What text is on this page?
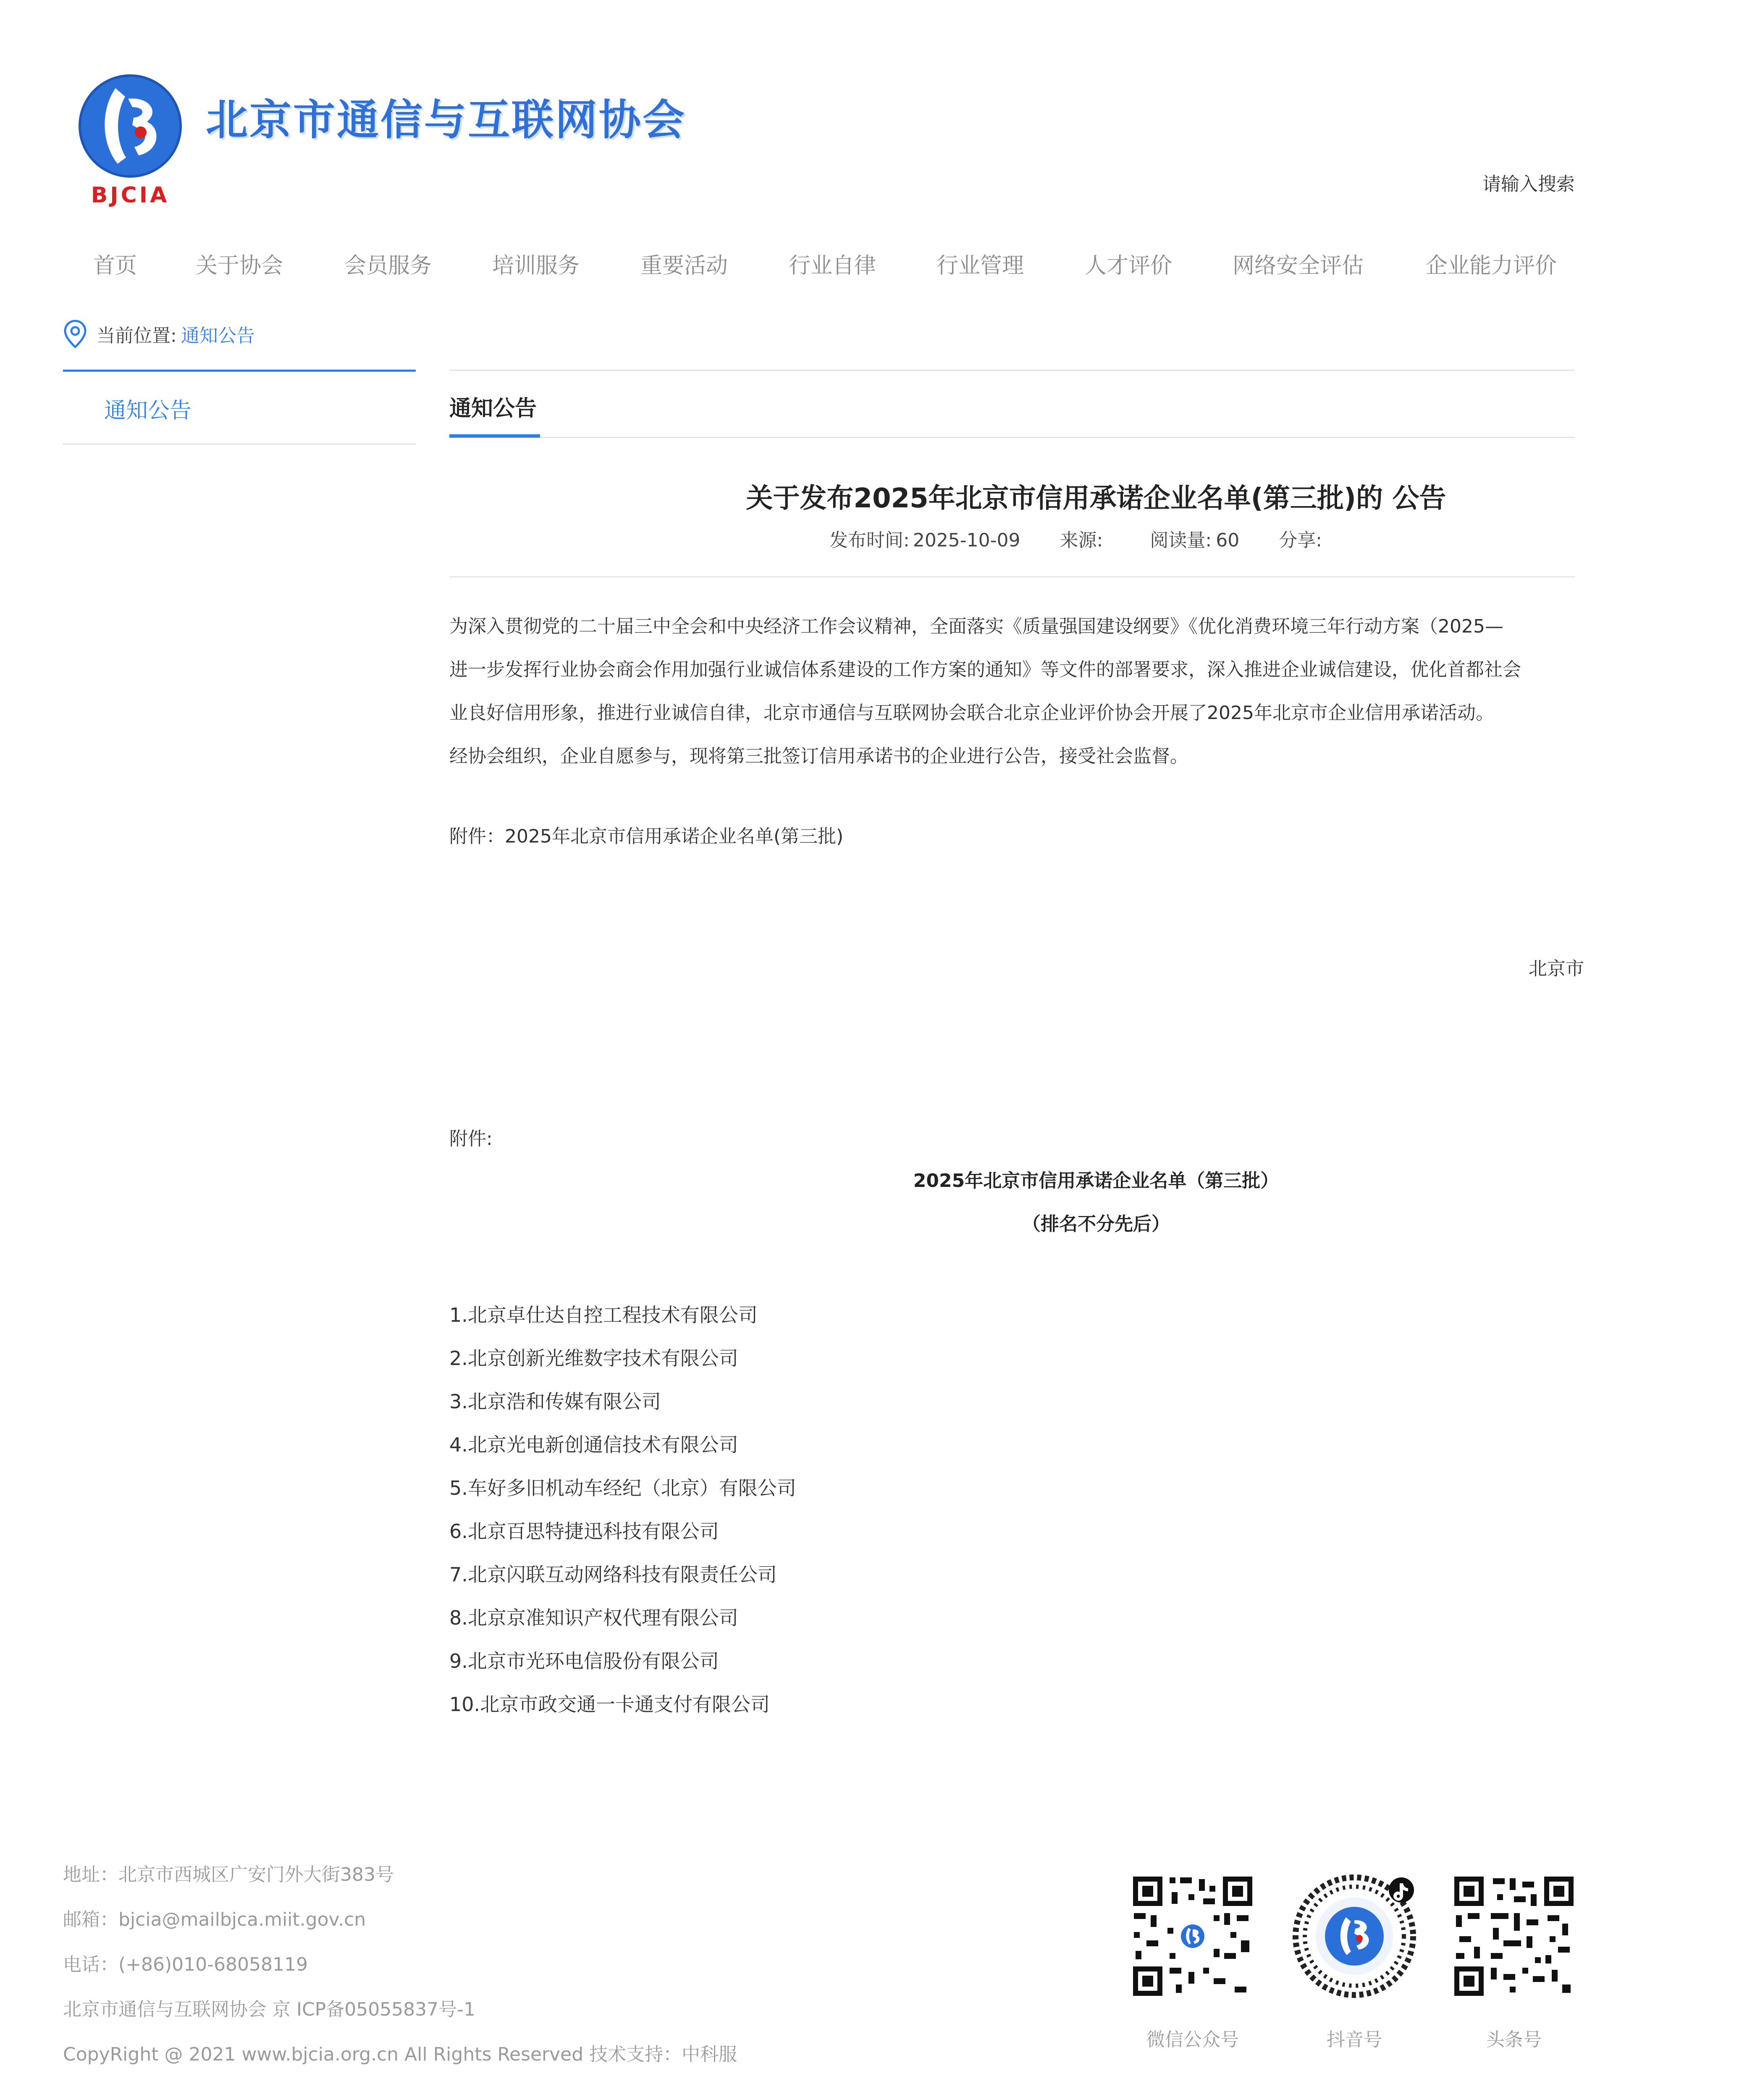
BJCIA
北京市通信与互联网协会
请输入搜索
首页	关于协会	会员服务	培训服务	重要活动	行业自律	行业管理	人才评价	网络安全评估	企业能力评价
当前位置: 通知公告
通知公告	通知公告
关于发布2025年北京市信用承诺企业名单(第三批)的 公告
发布时间: 2025-10-09 来源:	阅读量: 60 分享:
为深入贯彻党的二十届三中全会和中央经济工作会议精神，全面落实《质量强国建设纲要》《优化消费环境三年行动方案（2025—
进一步发挥行业协会商会作用加强行业诚信体系建设的工作方案的通知》等文件的部署要求，深入推进企业诚信建设，优化首都社会
业良好信用形象，推进行业诚信自律，北京市通信与互联网协会联合北京企业评价协会开展了2025年北京市企业信用承诺活动。
经协会组织，企业自愿参与，现将第三批签订信用承诺书的企业进行公告，接受社会监督。
附件：2025年北京市信用承诺企业名单(第三批)
北京市
附件:
2025年北京市信用承诺企业名单（第三批）
（排名不分先后）
1.北京卓仕达自控工程技术有限公司
2.北京创新光维数字技术有限公司
3.北京浩和传媒有限公司
4.北京光电新创通信技术有限公司
5.车好多旧机动车经纪（北京）有限公司
6.北京百思特捷迅科技有限公司
7.北京闪联互动网络科技有限责任公司
8.北京京准知识产权代理有限公司
9.北京市光环电信股份有限公司
10.北京市政交通一卡通支付有限公司
地址：北京市西城区广安门外大街383号
邮箱：bjcia@mailbjca.miit.gov.cn
电话：(+86)010-68058119
北京市通信与互联网协会 京 ICP备05055837号-1
CopyRight @ 2021 www.bjcia.org.cn All Rights Reserved 技术支持：中科服
微信公众号	抖音号	头条号
